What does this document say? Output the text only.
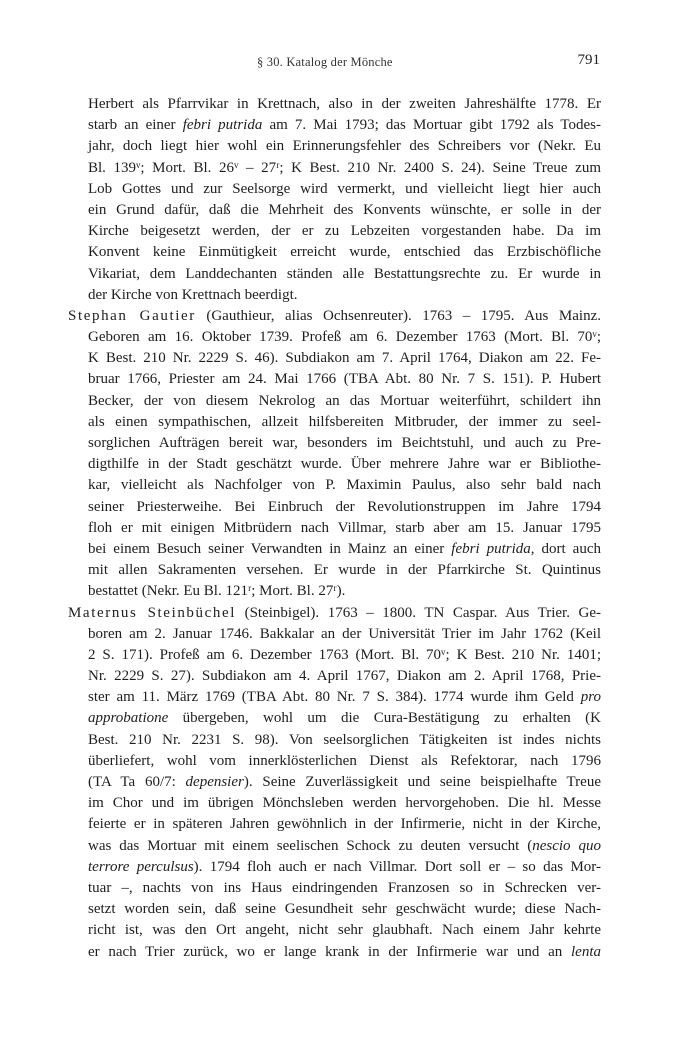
§ 30. Katalog der Mönche	791
Herbert als Pfarrvikar in Krettnach, also in der zweiten Jahreshälfte 1778. Er
starb an einer febri putrida am 7. Mai 1793; das Mortuar gibt 1792 als Todes-
jahr, doch liegt hier wohl ein Erinnerungsfehler des Schreibers vor (Nekr. Eu
Bl. 139ᵛ; Mort. Bl. 26ᵛ – 27ʳ; K Best. 210 Nr. 2400 S. 24). Seine Treue zum
Lob Gottes und zur Seelsorge wird vermerkt, und vielleicht liegt hier auch
ein Grund dafür, daß die Mehrheit des Konvents wünschte, er solle in der
Kirche beigesetzt werden, der er zu Lebzeiten vorgestanden habe. Da im
Konvent keine Einmütigkeit erreicht wurde, entschied das Erzbischöfliche
Vikariat, dem Landdechanten ständen alle Bestattungsrechte zu. Er wurde in
der Kirche von Krettnach beerdigt.
Stephan Gautier (Gauthieur, alias Ochsenreuter). 1763 – 1795. Aus Mainz.
Geboren am 16. Oktober 1739. Profeß am 6. Dezember 1763 (Mort. Bl. 70ᵛ;
K Best. 210 Nr. 2229 S. 46). Subdiakon am 7. April 1764, Diakon am 22. Fe-
bruar 1766, Priester am 24. Mai 1766 (TBA Abt. 80 Nr. 7 S. 151). P. Hubert
Becker, der von diesem Nekrolog an das Mortuar weiterführt, schildert ihn
als einen sympathischen, allzeit hilfsbereiten Mitbruder, der immer zu seel-
sorglichen Aufträgen bereit war, besonders im Beichtstuhl, und auch zu Pre-
digthilfe in der Stadt geschätzt wurde. Über mehrere Jahre war er Bibliothe-
kar, vielleicht als Nachfolger von P. Maximin Paulus, also sehr bald nach
seiner Priesterweihe. Bei Einbruch der Revolutionstruppen im Jahre 1794
floh er mit einigen Mitbrüdern nach Villmar, starb aber am 15. Januar 1795
bei einem Besuch seiner Verwandten in Mainz an einer febri putrida, dort auch
mit allen Sakramenten versehen. Er wurde in der Pfarrkirche St. Quintinus
bestattet (Nekr. Eu Bl. 121ʳ; Mort. Bl. 27ʳ).
Maternus Steinbüchel (Steinbigel). 1763 – 1800. TN Caspar. Aus Trier. Ge-
boren am 2. Januar 1746. Bakkalar an der Universität Trier im Jahr 1762 (Keil
2 S. 171). Profeß am 6. Dezember 1763 (Mort. Bl. 70ᵛ; K Best. 210 Nr. 1401;
Nr. 2229 S. 27). Subdiakon am 4. April 1767, Diakon am 2. April 1768, Prie-
ster am 11. März 1769 (TBA Abt. 80 Nr. 7 S. 384). 1774 wurde ihm Geld pro
approbatione übergeben, wohl um die Cura-Bestätigung zu erhalten (K
Best. 210 Nr. 2231 S. 98). Von seelsorglichen Tätigkeiten ist indes nichts
überliefert, wohl vom innerklösterlichen Dienst als Refektorar, nach 1796
(TA Ta 60/7: depensier). Seine Zuverlässigkeit und seine beispielhafte Treue
im Chor und im übrigen Mönchsleben werden hervorgehoben. Die hl. Messe
feierte er in späteren Jahren gewöhnlich in der Infirmerie, nicht in der Kirche,
was das Mortuar mit einem seelischen Schock zu deuten versucht (nescio quo
terrore perculsus). 1794 floh auch er nach Villmar. Dort soll er – so das Mor-
tuar –, nachts von ins Haus eindringenden Franzosen so in Schrecken ver-
setzt worden sein, daß seine Gesundheit sehr geschwächt wurde; diese Nach-
richt ist, was den Ort angeht, nicht sehr glaubhaft. Nach einem Jahr kehrte
er nach Trier zurück, wo er lange krank in der Infirmerie war und an lenta
